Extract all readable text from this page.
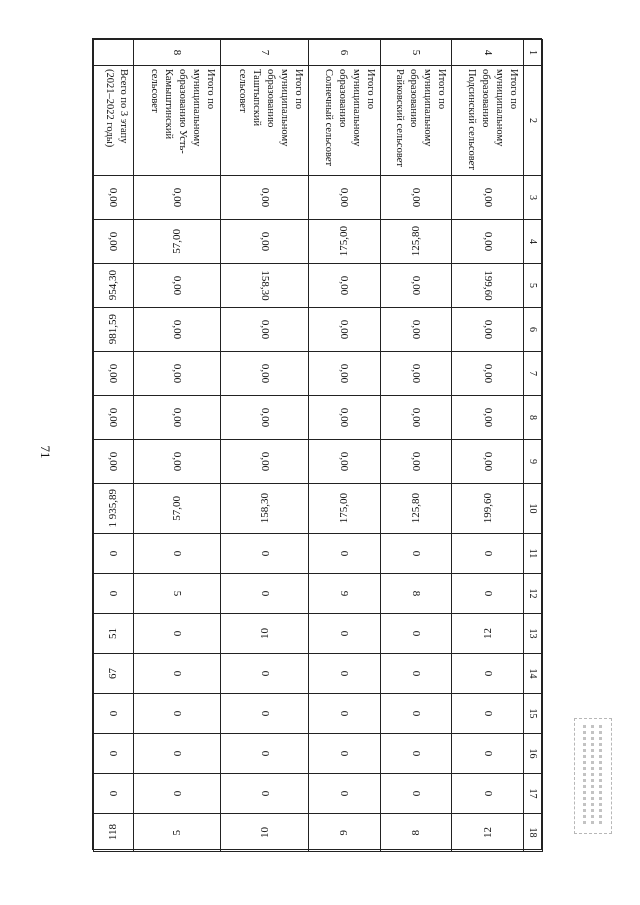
71
1	2	3	4	5	6	7	8	9	10	11	12	13	14	15	16	17	18
4	Итого по муниципальному образованию Подсинский сельсовет	0,00	0,00	199,60	0,00	0,00	0,00	0,00	199,60	0	0	12	0	0	0	0	12
5	Итого по муниципальному образованию Райковский сельсовет	0,00	125,80	0,00	0,00	0,00	0,00	0,00	125,80	0	8	0	0	0	0	0	8
6	Итого по муниципальному образованию Солнечный сельсовет	0,00	175,00	0,00	0,00	0,00	0,00	0,00	175,00	0	9	0	0	0	0	0	9
7	Итого по муниципальному образованию Таштыпский сельсовет	0,00	0,00	158,30	0,00	0,00	0,00	0,00	158,30	0	0	10	0	0	0	0	10
8	Итого по муниципальному образованию Усть-Камыштинский сельсовет	0,00	57,00	0,00	0,00	0,00	0,00	0,00	57,00	0	5	0	0	0	0	0	5
	Всего по 3 этапу (2021–2022 годы)	0,00	0,00	954,30	981,59	0,00	0,00	0,00	1 935,89	0	0	51	67	0	0	0	118
